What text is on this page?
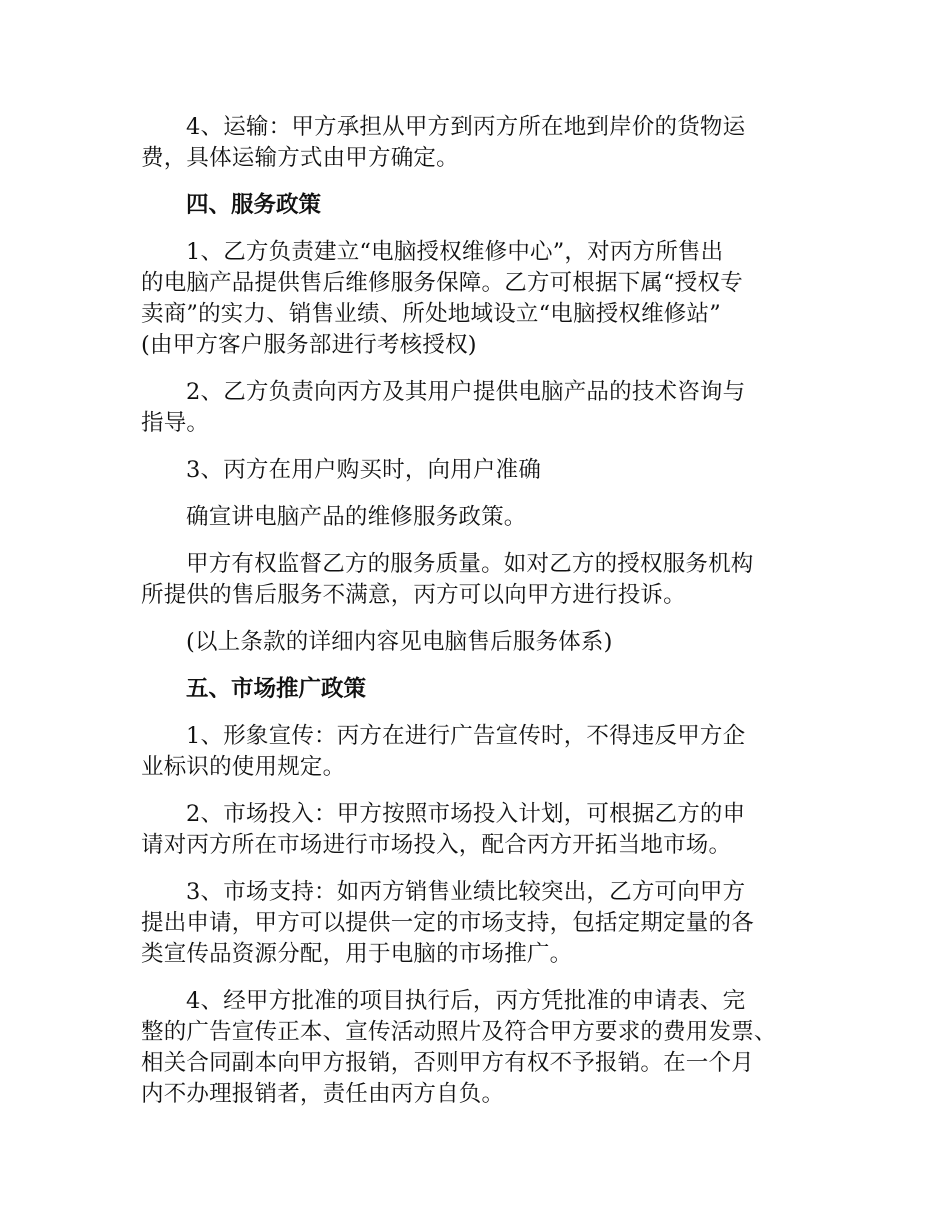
4、运输：甲方承担从甲方到丙方所在地到岸价的货物运
费，具体运输方式由甲方确定。

四、服务政策

1、乙方负责建立“电脑授权维修中心”，对丙方所售出
的电脑产品提供售后维修服务保障。乙方可根据下属“授权专
卖商”的实力、销售业绩、所处地域设立“电脑授权维修站”
(由甲方客户服务部进行考核授权)

2、乙方负责向丙方及其用户提供电脑产品的技术咨询与
指导。

3、丙方在用户购买时，向用户准确

确宣讲电脑产品的维修服务政策。

甲方有权监督乙方的服务质量。如对乙方的授权服务机构
所提供的售后服务不满意，丙方可以向甲方进行投诉。

(以上条款的详细内容见电脑售后服务体系)

五、市场推广政策

1、形象宣传：丙方在进行广告宣传时，不得违反甲方企
业标识的使用规定。

2、市场投入：甲方按照市场投入计划，可根据乙方的申
请对丙方所在市场进行市场投入，配合丙方开拓当地市场。

3、市场支持：如丙方销售业绩比较突出，乙方可向甲方
提出申请，甲方可以提供一定的市场支持，包括定期定量的各
类宣传品资源分配，用于电脑的市场推广。

4、经甲方批准的项目执行后，丙方凭批准的申请表、完
整的广告宣传正本、宣传活动照片及符合甲方要求的费用发票、
相关合同副本向甲方报销，否则甲方有权不予报销。在一个月
内不办理报销者，责任由丙方自负。
